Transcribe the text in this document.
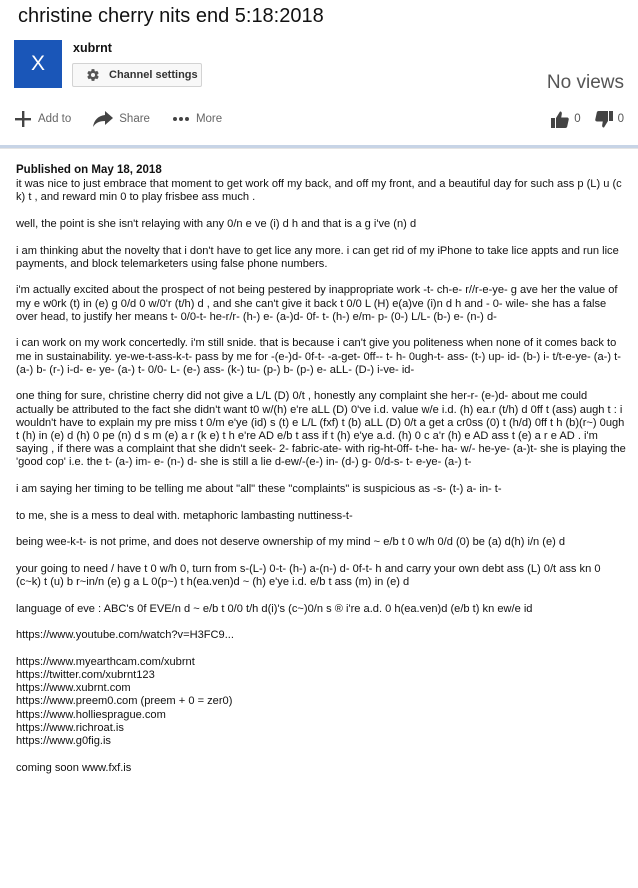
christine cherry nits end 5:18:2018
X
xubrnt
Channel settings	No views
Add to	Share	More	0	0
Published on May 18, 2018

it was nice to just embrace that moment to get work off my back, and off my front, and a beautiful day for such ass p (L) u (c k) t , and reward min 0 to play frisbee ass much .

well, the point is she isn't relaying with any 0/n e ve (i) d h and that is a g i've (n) d

i am thinking abut the novelty that i don't have to get lice any more. i can get rid of my iPhone to take lice appts and run lice payments, and block telemarketers using false phone numbers.

i'm actually excited about the prospect of not being pestered by inappropriate work -t- ch-e- r//r-e-ye- g ave her the value of my e w0rk (t) in (e) g 0/d 0 w/0'r (t/h) d , and she can't give it back t 0/0 L (H) e(a)ve (i)n d h and - 0- wile- she has a false over head, to justify her means t- 0/0-t- he-r/r- (h-) e- (a-)d- 0f- t- (h-) e/m- p- (0-) L/L- (b-) e- (n-) d-

i can work on my work concertedly. i'm still snide. that is because i can't give you politeness when none of it comes back to me in sustainability. ye-we-t-ass-k-t- pass by me for -(e-)d- 0f-t- -a-get- 0ff-- t- h- 0ugh-t- ass- (t-) up- id- (b-) i- t/t-e-ye- (a-) t- (a-) b- (r-) i-d- e- ye- (a-) t- 0/0- L- (e-) ass- (k-) tu- (p-) b- (p-) e- aLL- (D-) i-ve- id-

one thing for sure, christine cherry did not give a L/L (D) 0/t , honestly any complaint she her-r- (e-)d- about me could actually be attributed to the fact she didn't want t0 w/(h) e're aLL (D) 0've i.d. value w/e i.d. (h) ea.r (t/h) d 0ff t (ass) augh t : i wouldn't have to explain my pre miss t 0/m e'ye (id) s (t) e L/L (fxf) t (b) aLL (D) 0/t a get a cr0ss (0) t (h/d) 0ff t h (b)(r~) 0ugh t (h) in (e) d (h) 0 pe (n) d s m (e) a r (k e) t h e're AD e/b t ass if t (h) e'ye a.d. (h) 0 c a'r (h) e AD ass t (e) a r e AD . i'm saying , if there was a complaint that she didn't seek- 2- fabric-ate- with rig-ht-0ff- t-he- ha- w/- he-ye- (a-)t- she is playing the 'good cop' i.e. the t- (a-) im- e- (n-) d- she is still a lie d-ew/-(e-) in- (d-) g- 0/d-s- t- e-ye- (a-) t-

i am saying her timing to be telling me about "all" these "complaints" is suspicious as -s- (t-) a- in- t-

to me, she is a mess to deal with. metaphoric lambasting nuttiness-t-

being wee-k-t- is not prime, and does not deserve ownership of my mind ~ e/b t 0 w/h 0/d (0) be (a) d(h) i/n (e) d

your going to need / have t 0 w/h 0, turn from s-(L-) 0-t- (h-) a-(n-) d- 0f-t- h and carry your own debt ass (L) 0/t ass kn 0 (c~k) t (u) b r~in/n (e) g a L 0(p~) t h(ea.ven)d ~ (h) e'ye i.d. e/b t ass (m) in (e) d

language of eve : ABC's 0f EVE/n d ~ e/b t 0/0 t/h d(i)'s (c~)0/n s ® i're a.d. 0 h(ea.ven)d (e/b t) kn ew/e id

https://www.youtube.com/watch?v=H3FC9...

https://www.myearthcam.com/xubrnt
https://twitter.com/xubrnt123
https://www.xubrnt.com
https://www.preem0.com (preem + 0 = zer0)
https://www.holliesprague.com
https://www.richroat.is
https://www.g0fig.is

coming soon www.fxf.is
